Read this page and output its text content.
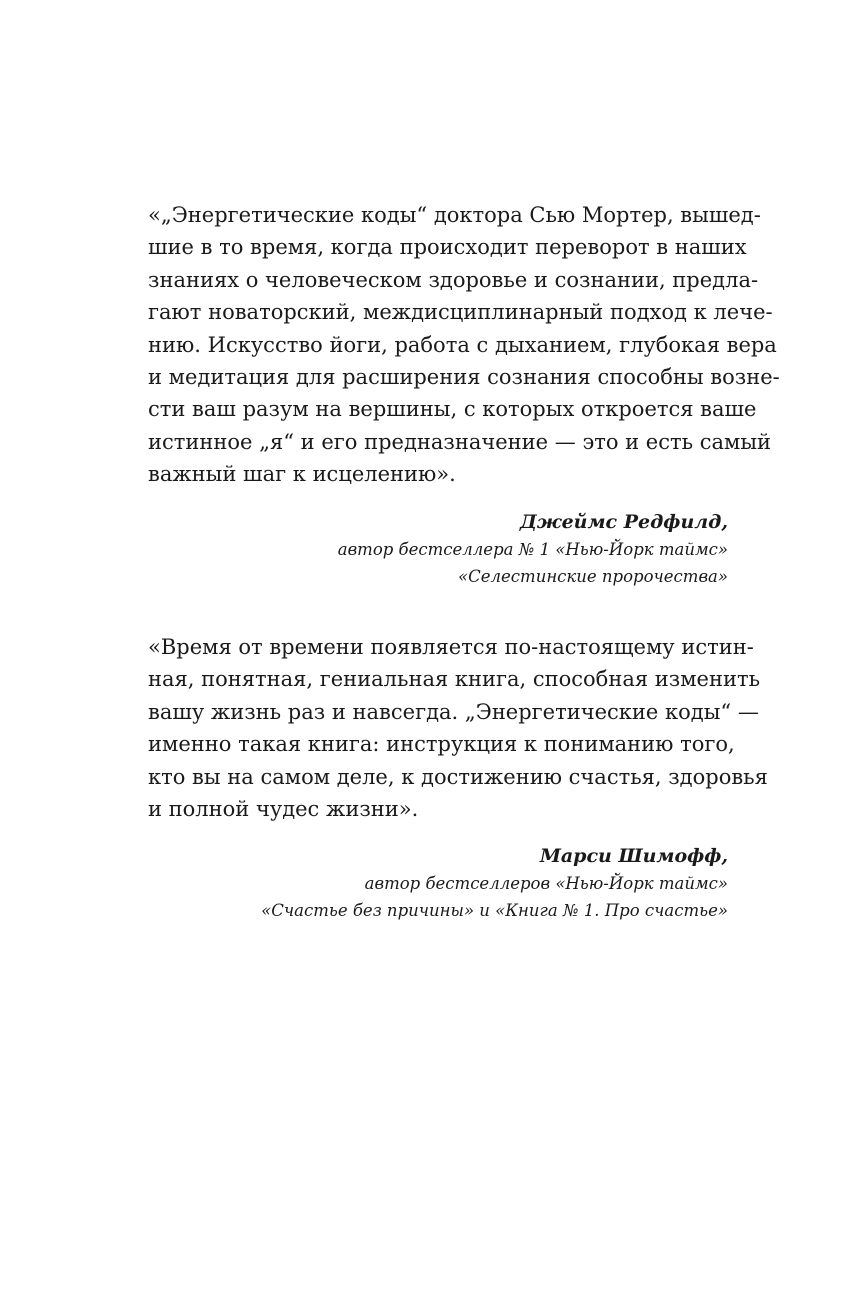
«„Энергетические коды“ доктора Сью Мортер, вышед-
шие в то время, когда происходит переворот в наших
знаниях о человеческом здоровье и сознании, предла-
гают новаторский, междисциплинарный подход к лече-
нию. Искусство йоги, работа с дыханием, глубокая вера
и медитация для расширения сознания способны возне-
сти ваш разум на вершины, с которых откроется ваше
истинное „я“ и его предназначение — это и есть самый
важный шаг к исцелению».
Джеймс Редфилд,
автор бестселлера № 1 «Нью-Йорк таймс»
«Селестинские пророчества»
«Время от времени появляется по-настоящему истин-
ная, понятная, гениальная книга, способная изменить
вашу жизнь раз и навсегда. „Энергетические коды“ —
именно такая книга: инструкция к пониманию того,
кто вы на самом деле, к достижению счастья, здоровья
и полной чудес жизни».
Марси Шимофф,
автор бестселлеров «Нью-Йорк таймс»
«Счастье без причины» и «Книга № 1. Про счастье»
